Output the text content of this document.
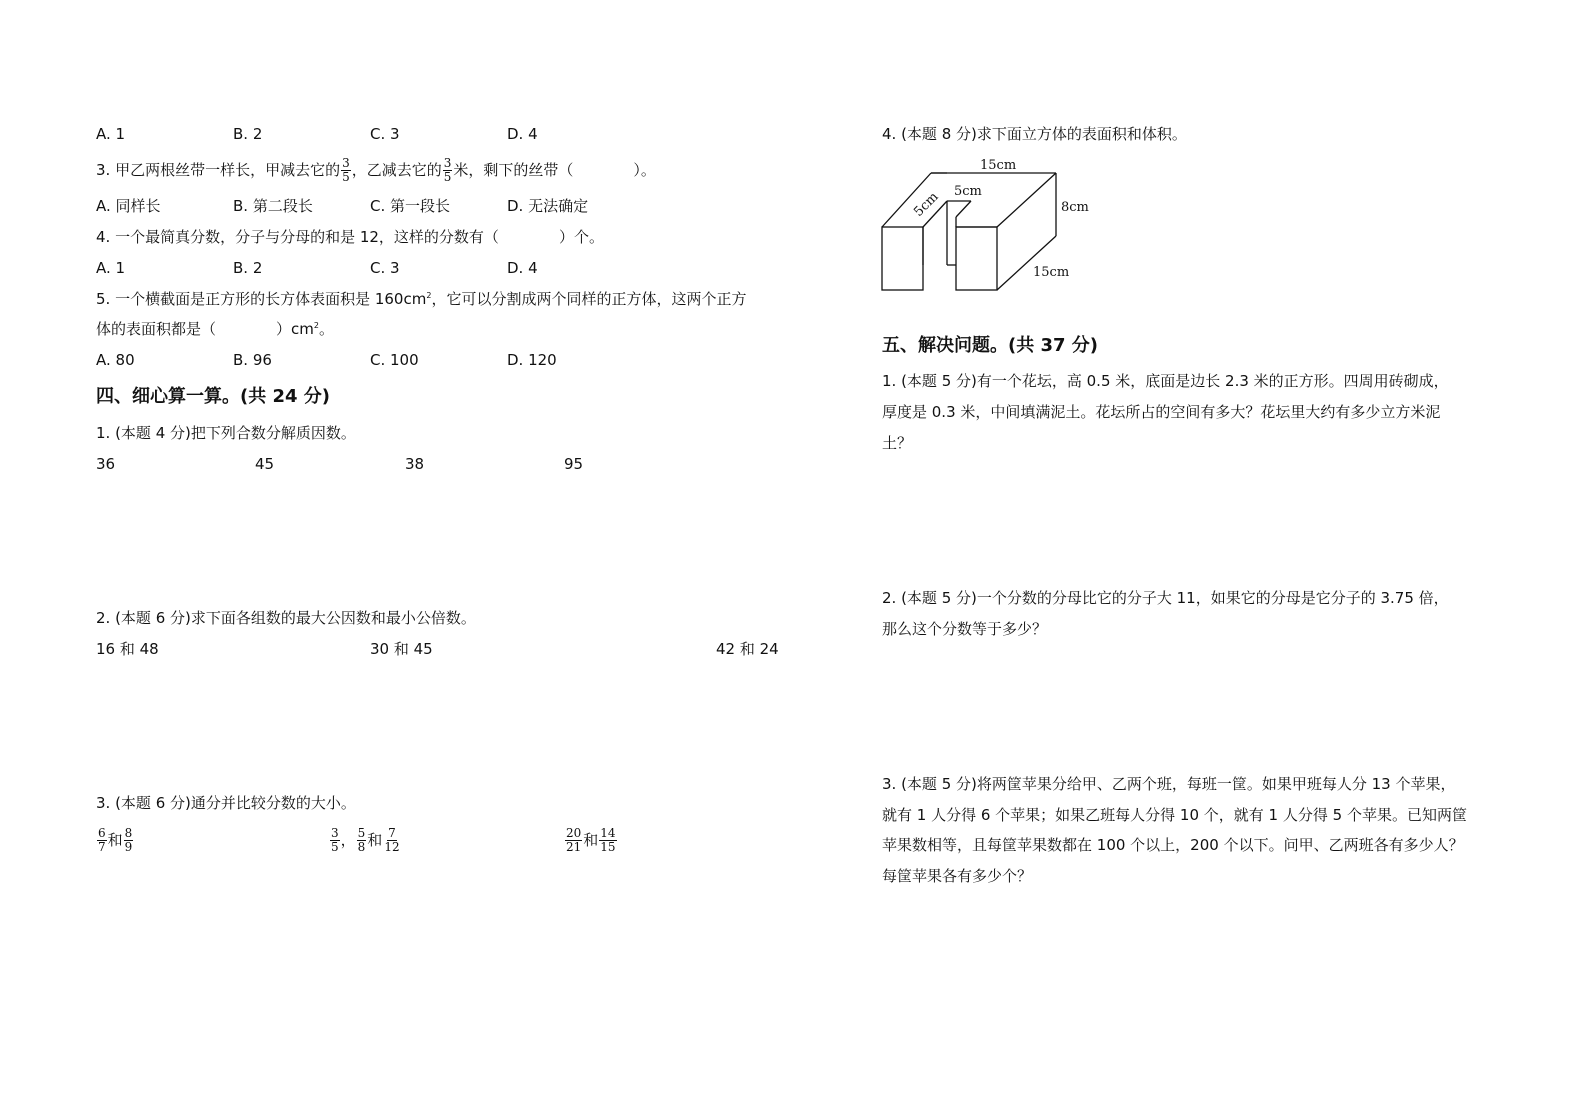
A. 1	B. 2	C. 3	D. 4
3. 甲乙两根丝带一样长，甲减去它的 $\frac{3}{5}$ ，乙减去它的 $\frac{3}{5}$ 米，剩下的丝带（　　　　）。
A. 同样长	B. 第二段长	C. 第一段长	D. 无法确定
4. 一个最简真分数，分子与分母的和是 12，这样的分数有（　　　　）个。
A. 1	B. 2	C. 3	D. 4
5. 一个横截面是正方形的长方体表面积是 $160cm^2$，它可以分割成两个同样的正方体，这两个正方
体的表面积都是（　　　　）$cm^2$。
A. 80	B. 96	C. 100	D. 120
四、细心算一算。(共 24 分)
1. (本题 4 分)把下列合数分解质因数。
36	45	38	95
2. (本题 6 分)求下面各组数的最大公因数和最小公倍数。
16 和 48	30 和 45	42 和 24
3. (本题 6 分)通分并比较分数的大小。
$\frac{6}{7}$ 和 $\frac{8}{9}$	$\frac{3}{5}$ ， $\frac{5}{8}$ 和 $\frac{7}{12}$	$\frac{20}{21}$ 和 $\frac{14}{15}$
4. (本题 8 分)求下面立方体的表面积和体积。
15cm
5cm
5cm	8cm
15cm
五、解决问题。(共 37 分)
1. (本题 5 分)有一个花坛，高 0.5 米，底面是边长 2.3 米的正方形。四周用砖砌成，
厚度是 0.3 米，中间填满泥土。花坛所占的空间有多大？花坛里大约有多少立方米泥
土？
2. (本题 5 分)一个分数的分母比它的分子大 11，如果它的分母是它分子的 3.75 倍，
那么这个分数等于多少？
3. (本题 5 分)将两筐苹果分给甲、乙两个班，每班一筐。如果甲班每人分 13 个苹果，
就有 1 人分得 6 个苹果；如果乙班每人分得 10 个，就有 1 人分得 5 个苹果。已知两筐
苹果数相等，且每筐苹果数都在 100 个以上，200 个以下。问甲、乙两班各有多少人？
每筐苹果各有多少个？
